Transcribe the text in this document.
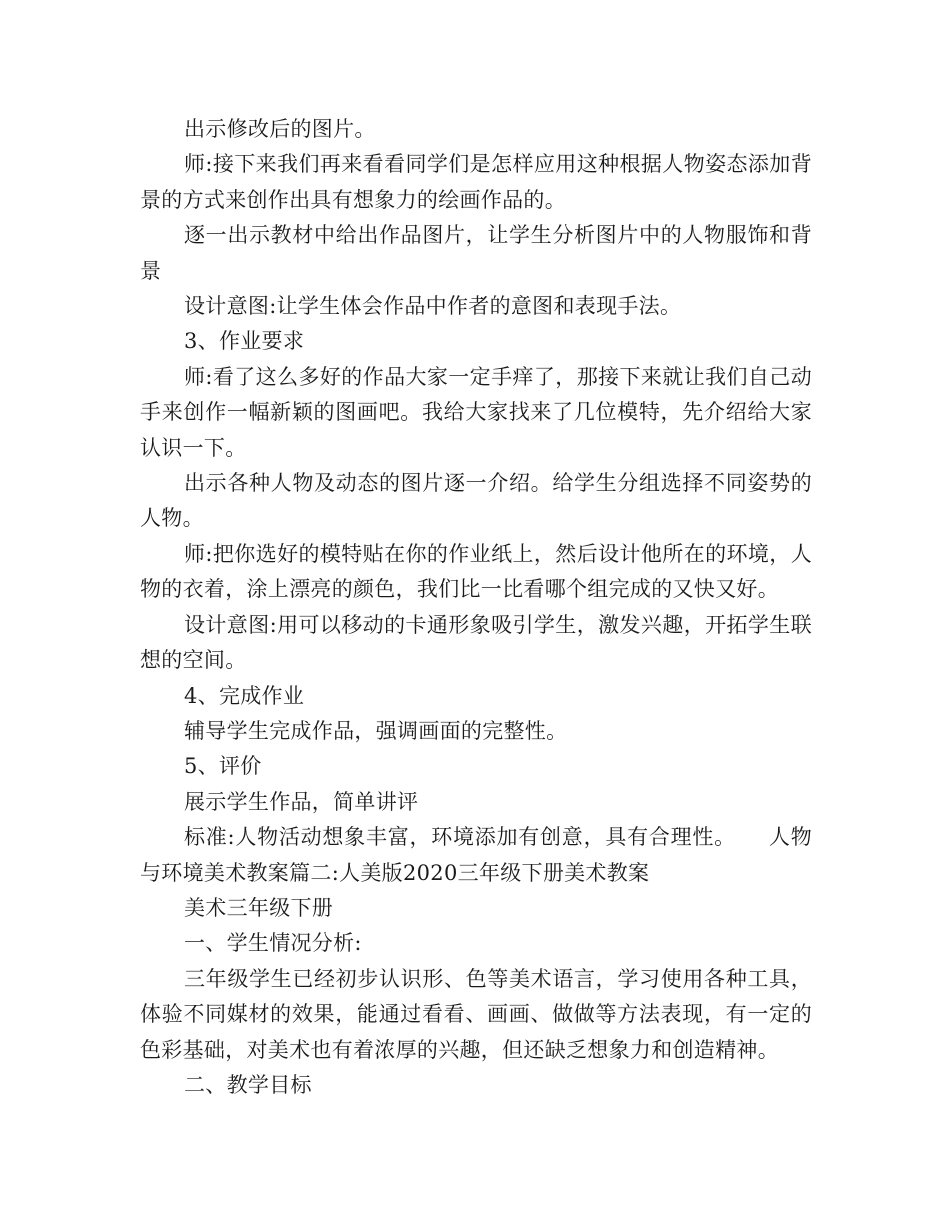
出示修改后的图片。

师:接下来我们再来看看同学们是怎样应用这种根据人物姿态添加背景的方式来创作出具有想象力的绘画作品的。

逐一出示教材中给出作品图片，让学生分析图片中的人物服饰和背景

设计意图:让学生体会作品中作者的意图和表现手法。

3、作业要求

师:看了这么多好的作品大家一定手痒了，那接下来就让我们自己动手来创作一幅新颖的图画吧。我给大家找来了几位模特，先介绍给大家认识一下。

出示各种人物及动态的图片逐一介绍。给学生分组选择不同姿势的人物。

师:把你选好的模特贴在你的作业纸上，然后设计他所在的环境，人物的衣着，涂上漂亮的颜色，我们比一比看哪个组完成的又快又好。

设计意图:用可以移动的卡通形象吸引学生，激发兴趣，开拓学生联想的空间。

4、完成作业

辅导学生完成作品，强调画面的完整性。

5、评价

展示学生作品，简单讲评

标准:人物活动想象丰富，环境添加有创意，具有合理性。　　人物与环境美术教案篇二:人美版2020三年级下册美术教案

美术三年级下册

一、学生情况分析:

三年级学生已经初步认识形、色等美术语言，学习使用各种工具，体验不同媒材的效果，能通过看看、画画、做做等方法表现，有一定的色彩基础，对美术也有着浓厚的兴趣，但还缺乏想象力和创造精神。

二、教学目标
